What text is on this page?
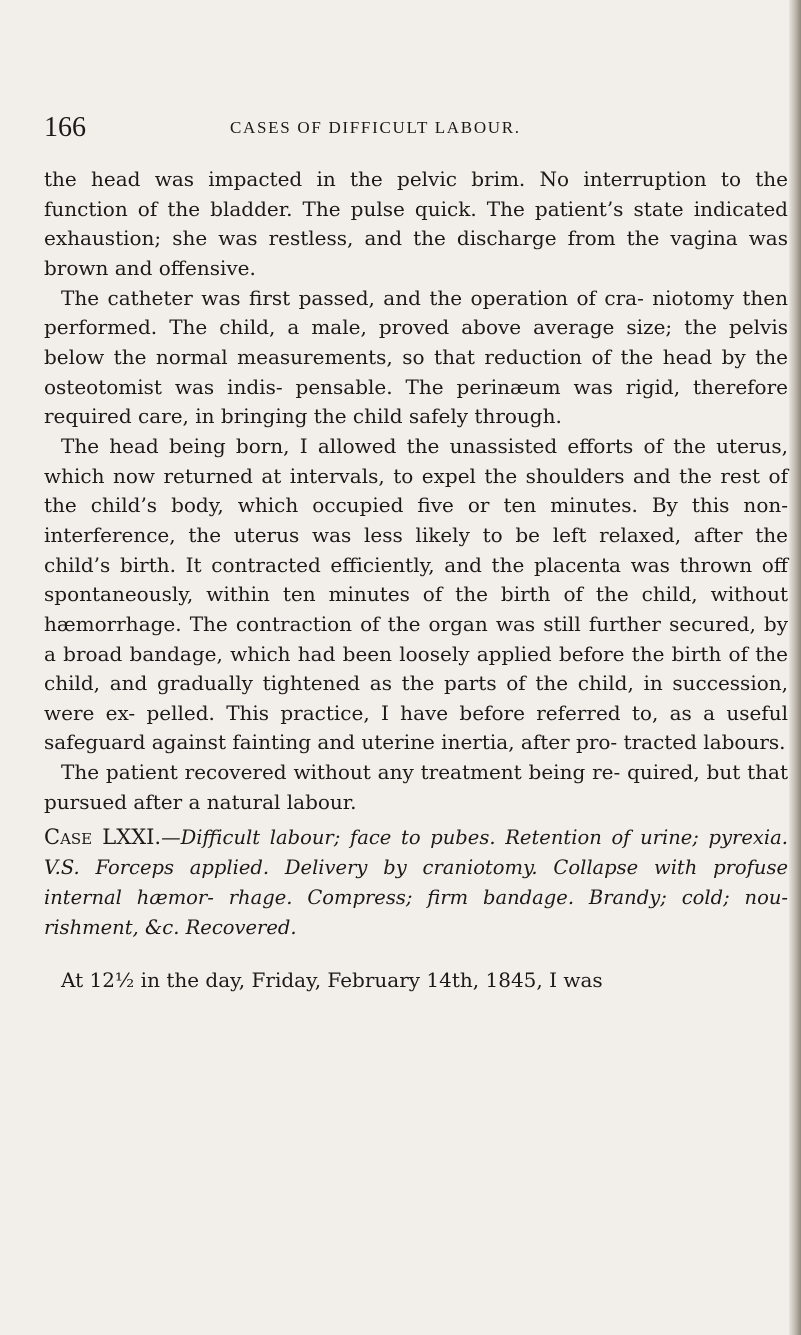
166	CASES OF DIFFICULT LABOUR.

the head was impacted in the pelvic brim. No interruption to the function of the bladder. The pulse quick. The patient’s state indicated exhaustion; she was restless, and the discharge from the vagina was brown and offensive.

The catheter was first passed, and the operation of cra- niotomy then performed. The child, a male, proved above average size; the pelvis below the normal measurements, so that reduction of the head by the osteotomist was indis- pensable. The perinæum was rigid, therefore required care, in bringing the child safely through.

The head being born, I allowed the unassisted efforts of the uterus, which now returned at intervals, to expel the shoulders and the rest of the child’s body, which occupied five or ten minutes. By this non-interference, the uterus was less likely to be left relaxed, after the child’s birth. It contracted efficiently, and the placenta was thrown off spontaneously, within ten minutes of the birth of the child, without hæmorrhage. The contraction of the organ was still further secured, by a broad bandage, which had been loosely applied before the birth of the child, and gradually tightened as the parts of the child, in succession, were ex- pelled. This practice, I have before referred to, as a useful safeguard against fainting and uterine inertia, after pro- tracted labours.

The patient recovered without any treatment being re- quired, but that pursued after a natural labour.

Case LXXI.—Difficult labour; face to pubes. Retention of urine; pyrexia. V.S. Forceps applied. Delivery by craniotomy. Collapse with profuse internal hæmor- rhage. Compress; firm bandage. Brandy; cold; nou- rishment, &c. Recovered.

At 12½ in the day, Friday, February 14th, 1845, I was
